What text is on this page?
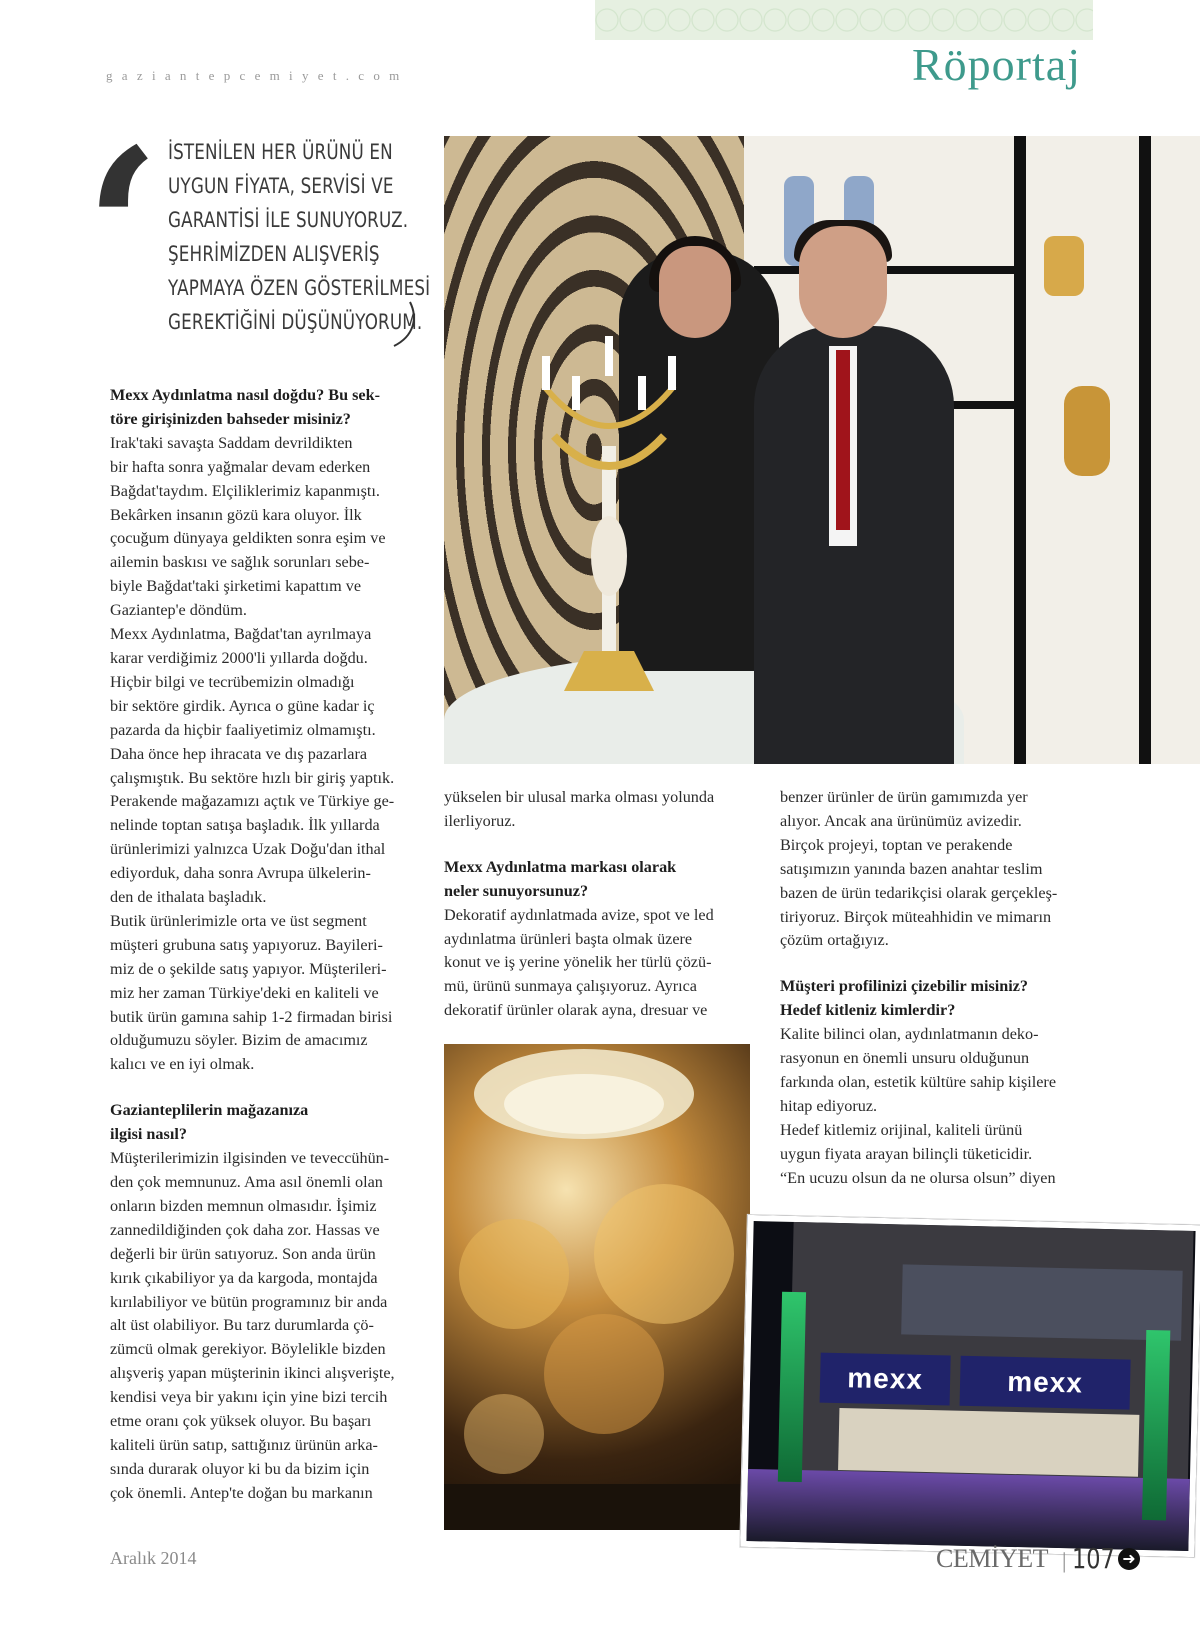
gaziantepcemiyet.com	Röportaj
‘ İSTENİLEN HER ÜRÜNÜ EN
UYGUN FİYATA, SERVİSİ VE
GARANTİSİ İLE SUNUYORUZ.
ŞEHRİMİZDEN ALIŞVERİŞ
YAPMAYA ÖZEN GÖSTERİLMESİ
GEREKTİĞİNİ DÜŞÜNÜYORUM.

Mexx Aydınlatma nasıl doğdu? Bu sek-

töre girişinizden bahseder misiniz?

Irak'taki savaşta Saddam devrildikten

bir hafta sonra yağmalar devam ederken

Bağdat'taydım. Elçiliklerimiz kapanmıştı.

Bekârken insanın gözü kara oluyor. İlk

çocuğum dünyaya geldikten sonra eşim ve

ailemin baskısı ve sağlık sorunları sebe-

biyle Bağdat'taki şirketimi kapattım ve

Gaziantep'e döndüm.

Mexx Aydınlatma, Bağdat'tan ayrılmaya

karar verdiğimiz 2000'li yıllarda doğdu.

Hiçbir bilgi ve tecrübemizin olmadığı

bir sektöre girdik. Ayrıca o güne kadar iç

pazarda da hiçbir faaliyetimiz olmamıştı.

Daha önce hep ihracata ve dış pazarlara

çalışmıştık. Bu sektöre hızlı bir giriş yaptık.

Perakende mağazamızı açtık ve Türkiye ge-

nelinde toptan satışa başladık. İlk yıllarda

ürünlerimizi yalnızca Uzak Doğu'dan ithal

ediyorduk, daha sonra Avrupa ülkelerin-

den de ithalata başladık.

Butik ürünlerimizle orta ve üst segment

müşteri grubuna satış yapıyoruz. Bayileri-

miz de o şekilde satış yapıyor. Müşterileri-

miz her zaman Türkiye'deki en kaliteli ve

butik ürün gamına sahip 1-2 firmadan birisi

olduğumuzu söyler. Bizim de amacımız

kalıcı ve en iyi olmak.

Gazianteplilerin mağazanıza

ilgisi nasıl?

Müşterilerimizin ilgisinden ve teveccühün-

den çok memnunuz. Ama asıl önemli olan

onların bizden memnun olmasıdır. İşimiz

zannedildiğinden çok daha zor. Hassas ve

değerli bir ürün satıyoruz. Son anda ürün

kırık çıkabiliyor ya da kargoda, montajda

kırılabiliyor ve bütün programınız bir anda

alt üst olabiliyor. Bu tarz durumlarda çö-

zümcü olmak gerekiyor. Böylelikle bizden

alışveriş yapan müşterinin ikinci alışverişte,

kendisi veya bir yakını için yine bizi tercih

etme oranı çok yüksek oluyor. Bu başarı

kaliteli ürün satıp, sattığınız ürünün arka-

sında durarak oluyor ki bu da bizim için

çok önemli. Antep'te doğan bu markanın

yükselen bir ulusal marka olması yolunda

ilerliyoruz.

Mexx Aydınlatma markası olarak

neler sunuyorsunuz?

Dekoratif aydınlatmada avize, spot ve led

aydınlatma ürünleri başta olmak üzere

konut ve iş yerine yönelik her türlü çözü-

mü, ürünü sunmaya çalışıyoruz. Ayrıca

dekoratif ürünler olarak ayna, dresuar ve

benzer ürünler de ürün gamımızda yer

alıyor. Ancak ana ürünümüz avizedir.

Birçok projeyi, toptan ve perakende

satışımızın yanında bazen anahtar teslim

bazen de ürün tedarikçisi olarak gerçekleş-

tiriyoruz. Birçok müteahhidin ve mimarın

çözüm ortağıyız.

Müşteri profilinizi çizebilir misiniz?

Hedef kitleniz kimlerdir?

Kalite bilinci olan, aydınlatmanın deko-

rasyonun en önemli unsuru olduğunun

farkında olan, estetik kültüre sahip kişilere

hitap ediyoruz.

Hedef kitlemiz orijinal, kaliteli ürünü

uygun fiyata arayan bilinçli tüketicidir.

“En ucuzu olsun da ne olursa olsun” diyen

mexx	mexx
Aralık 2014	CEMİYET | 107 ➜
